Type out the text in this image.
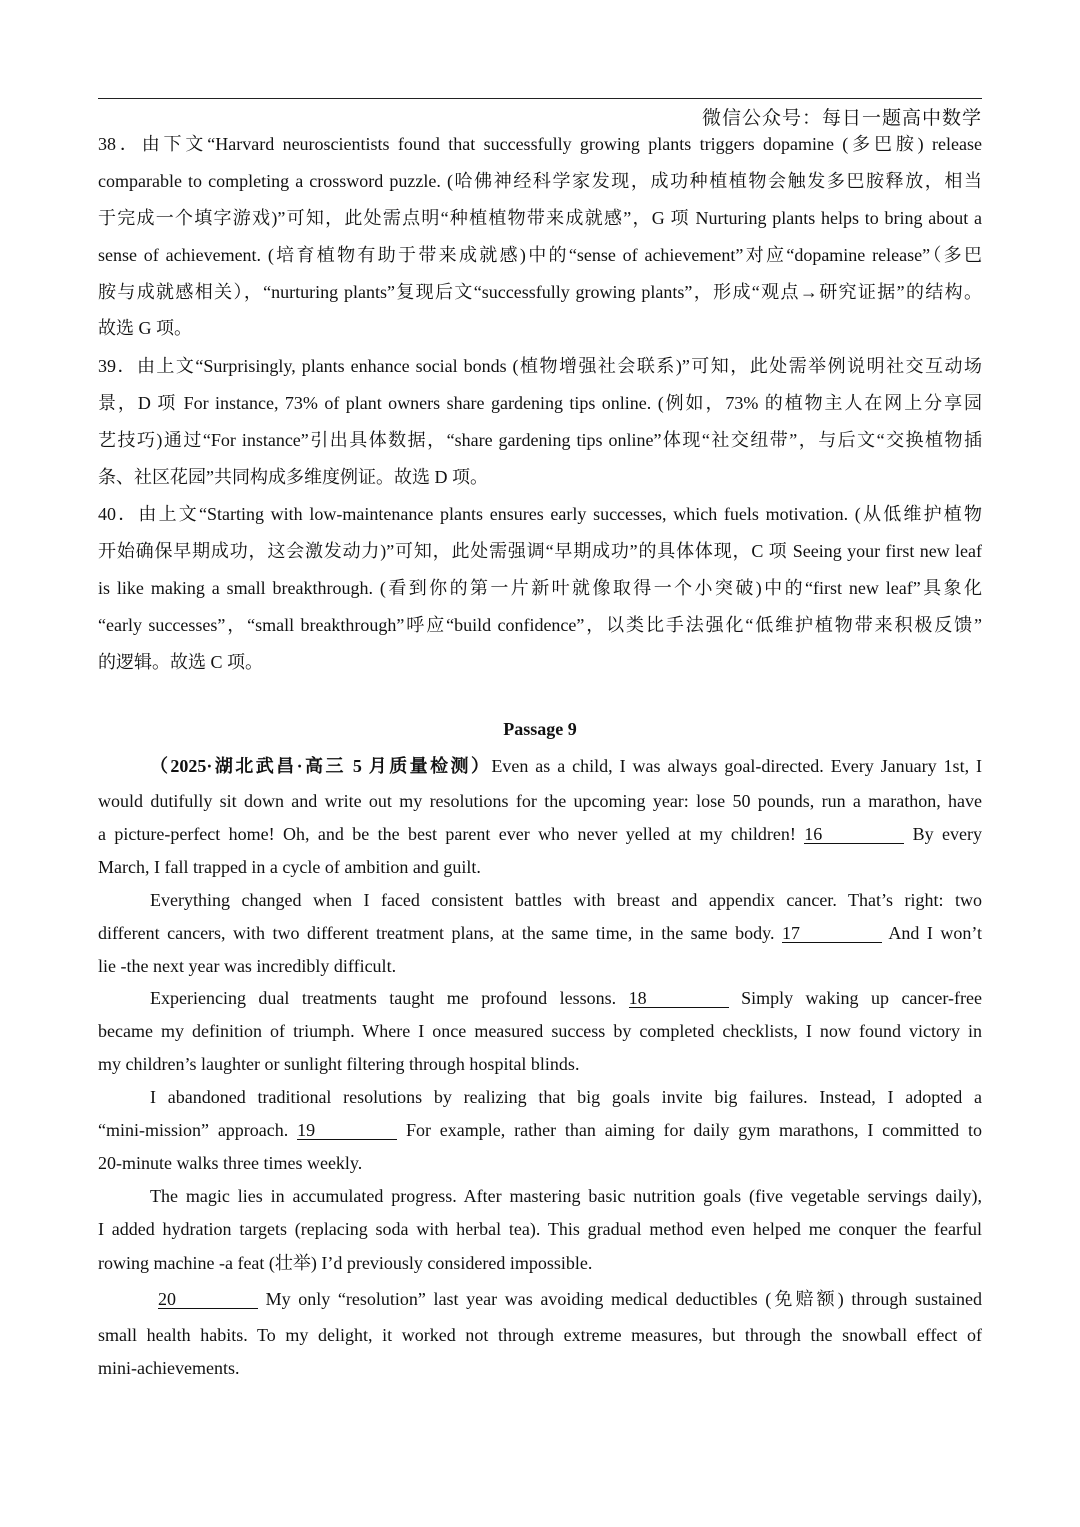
微信公众号：每日一题高中数学
Passage 9
38．由下文“Harvard neuroscientists found that successfully growing plants triggers dopamine (多巴胺) release
comparable to completing a crossword puzzle. (哈佛神经科学家发现，成功种植植物会触发多巴胺释放，相当
于完成一个填字游戏)”可知，此处需点明“种植植物带来成就感”，G 项 Nurturing plants helps to bring about a
sense of achievement. (培育植物有助于带来成就感)中的“sense of achievement”对应“dopamine release”（多巴
胺与成就感相关），“nurturing plants”复现后文“successfully growing plants”，形成“观点→研究证据”的结构。
故选 G 项。
39．由上文“Surprisingly, plants enhance social bonds (植物增强社会联系)”可知，此处需举例说明社交互动场
景，D 项 For instance, 73% of plant owners share gardening tips online. (例如，73% 的植物主人在网上分享园
艺技巧)通过“For instance”引出具体数据，“share gardening tips online”体现“社交纽带”，与后文“交换植物插
条、社区花园”共同构成多维度例证。故选 D 项。
40．由上文“Starting with low-maintenance plants ensures early successes, which fuels motivation. (从低维护植物
开始确保早期成功，这会激发动力)”可知，此处需强调“早期成功”的具体体现，C 项 Seeing your first new leaf
is like making a small breakthrough. (看到你的第一片新叶就像取得一个小突破)中的“first new leaf”具象化
“early successes”，“small breakthrough”呼应“build confidence”，以类比手法强化“低维护植物带来积极反馈”
的逻辑。故选 C 项。
（2025·湖北武昌·高三 5 月质量检测）Even as a child, I was always goal-directed. Every January 1st, I
would dutifully sit down and write out my resolutions for the upcoming year: lose 50 pounds, run a marathon, have
a picture-perfect home! Oh, and be the best parent ever who never yelled at my children! 16	By every
March, I fall trapped in a cycle of ambition and guilt.
Everything changed when I faced consistent battles with breast and appendix cancer. That’s right: two
different cancers, with two different treatment plans, at the same time, in the same body. 17	And I won’t
lie -the next year was incredibly difficult.
Experiencing dual treatments taught me profound lessons. 18	Simply waking up cancer-free
became my definition of triumph. Where I once measured success by completed checklists, I now found victory in
my children’s laughter or sunlight filtering through hospital blinds.
I abandoned traditional resolutions by realizing that big goals invite big failures. Instead, I adopted a
“mini-mission” approach. 19	For example, rather than aiming for daily gym marathons, I committed to
20-minute walks three times weekly.
The magic lies in accumulated progress. After mastering basic nutrition goals (five vegetable servings daily),
I added hydration targets (replacing soda with herbal tea). This gradual method even helped me conquer the fearful
rowing machine -a feat (壮举) I’d previously considered impossible.
20	My only “resolution” last year was avoiding medical deductibles (免赔额) through sustained
small health habits. To my delight, it worked not through extreme measures, but through the snowball effect of
mini-achievements.
